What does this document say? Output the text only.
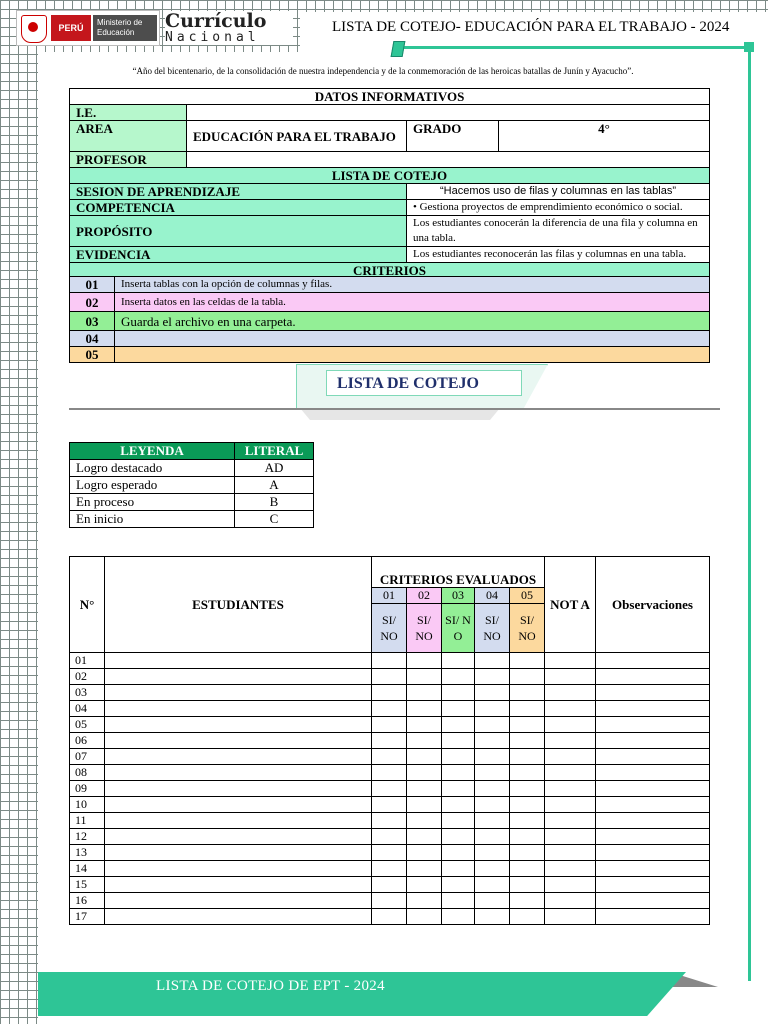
PERÚ
Ministerio de Educación
Currículo
Nacional
LISTA DE COTEJO- EDUCACIÓN PARA EL TRABAJO - 2024
“Año del bicentenario, de la consolidación de nuestra independencia y de la conmemoración de las heroicas batallas de Junín y Ayacucho”.
DATOS INFORMATIVOS			
I.E.			
AREA	EDUCACIÓN PARA EL TRABAJO	GRADO	4°
PROFESOR			
LISTA DE COTEJO			
SESION DE APRENDIZAJE		“Hacemos uso de filas y columnas en las tablas”	
COMPETENCIA		• Gestiona proyectos de emprendimiento económico o social.	
PROPÓSITO		Los estudiantes conocerán la diferencia de una fila y columna en una tabla.	
EVIDENCIA		Los estudiantes reconocerán las filas y columnas en una tabla.	
CRITERIOS			
01	Inserta tablas con la opción de columnas y filas.
02	Inserta datos en las celdas de la tabla.
03	Guarda el archivo en una carpeta.
04	
05	
LISTA DE COTEJO
LEYENDA	LITERAL
Logro destacado	AD
Logro esperado	A
En proceso	B
En inicio	C
N°	ESTUDIANTES	CRITERIOS EVALUADOS					NOT A	Observaciones
		01	02	03	04	05		
		SI/ NO	SI/ NO	SI/ N O	SI/ NO	SI/ NO		
01								
02								
03								
04								
05								
06								
07								
08								
09								
10								
11								
12								
13								
14								
15								
16								
17								
LISTA DE COTEJO DE EPT - 2024
